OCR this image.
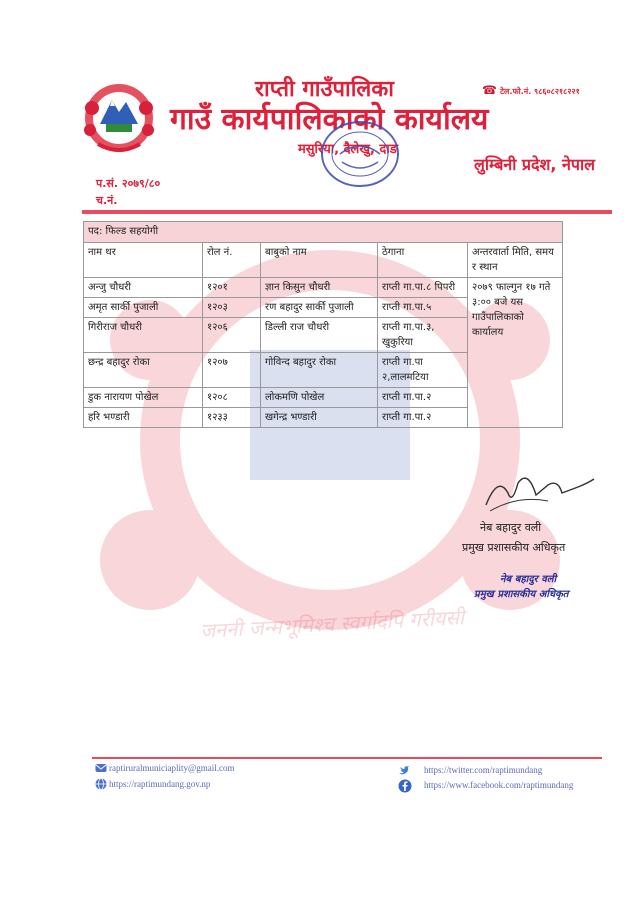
जननी जन्मभूमिश्च स्वर्गादपि गरीयसी
राप्ती गाउँपालिका
गाउँ कार्यपालिकाको कार्यालय
मसुरिया, दैलेखु, दाङ
☎ टेल.फो.नं. ९८६०८२१८२२१
लुम्बिनी प्रदेश, नेपाल
प.सं. २०७९/८०
च.नं.
पद: फिल्ड सहयोगी				
नाम थर	रोल नं.	बाबुको नाम	ठेगाना	अन्तरवार्ता मिति, समय र स्थान
अन्जु चौधरी	१२०१	ज्ञान किसुन चौधरी	राप्ती गा.पा.८ पिपरी	२०७९ फाल्गुन १७ गते ३:०० बजे यस गाउँपालिकाको कार्यालय
अमृत सार्की पुजाली	१२०३	रण बहादुर सार्की पुजाली	राप्ती गा.पा.५	
गिरीराज चौधरी	१२०६	डिल्ली राज चौधरी	राप्ती गा.पा.३, खुकुरिया	
छन्द्र बहादुर रोका	१२०७	गोविन्द बहादुर रोका	राप्ती गा.पा २,लालमटिया	
डुक नारायण पोखेल	१२०८	लोकमणि पोखेल	राप्ती गा.पा.२	
हरि भण्डारी	१२३३	खगेन्द्र भण्डारी	राप्ती गा.पा.२	
नेब बहादुर वली
प्रमुख प्रशासकीय अधिकृत
नेब बहादुर वली
प्रमुख प्रशासकीय अधिकृत
raptiruralmuniciaplity@gmail.com
https://raptimundang.gov.np
https://twitter.com/raptimundang
https://www.facebook.com/raptimundang
